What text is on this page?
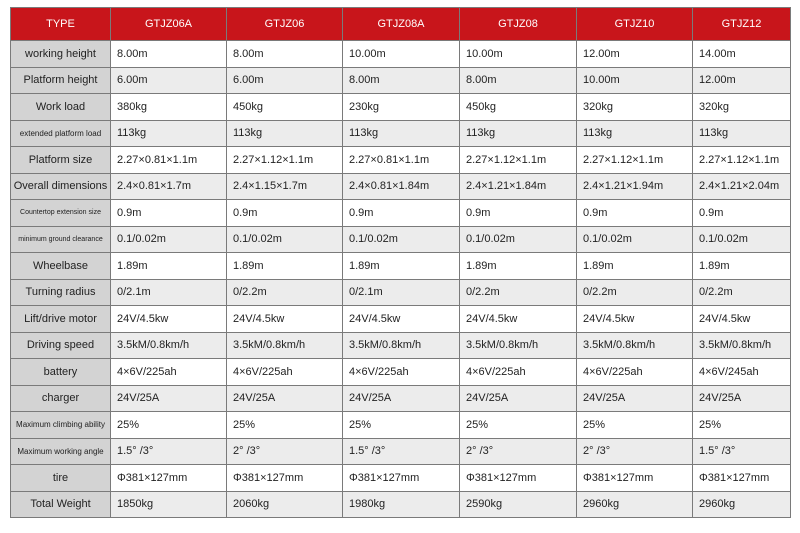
TYPE	GTJZ06A	GTJZ06	GTJZ08A	GTJZ08	GTJZ10	GTJZ12
working height	8.00m	8.00m	10.00m	10.00m	12.00m	14.00m
Platform height	6.00m	6.00m	8.00m	8.00m	10.00m	12.00m
Work load	380kg	450kg	230kg	450kg	320kg	320kg
extended platform load	113kg	113kg	113kg	113kg	113kg	113kg
Platform size	2.27×0.81×1.1m	2.27×1.12×1.1m	2.27×0.81×1.1m	2.27×1.12×1.1m	2.27×1.12×1.1m	2.27×1.12×1.1m
Overall dimensions	2.4×0.81×1.7m	2.4×1.15×1.7m	2.4×0.81×1.84m	2.4×1.21×1.84m	2.4×1.21×1.94m	2.4×1.21×2.04m
Countertop extension size	0.9m	0.9m	0.9m	0.9m	0.9m	0.9m
minimum ground clearance	0.1/0.02m	0.1/0.02m	0.1/0.02m	0.1/0.02m	0.1/0.02m	0.1/0.02m
Wheelbase	1.89m	1.89m	1.89m	1.89m	1.89m	1.89m
Turning radius	0/2.1m	0/2.2m	0/2.1m	0/2.2m	0/2.2m	0/2.2m
Lift/drive motor	24V/4.5kw	24V/4.5kw	24V/4.5kw	24V/4.5kw	24V/4.5kw	24V/4.5kw
Driving speed	3.5kM/0.8km/h	3.5kM/0.8km/h	3.5kM/0.8km/h	3.5kM/0.8km/h	3.5kM/0.8km/h	3.5kM/0.8km/h
battery	4×6V/225ah	4×6V/225ah	4×6V/225ah	4×6V/225ah	4×6V/225ah	4×6V/245ah
charger	24V/25A	24V/25A	24V/25A	24V/25A	24V/25A	24V/25A
Maximum climbing ability	25%	25%	25%	25%	25%	25%
Maximum working angle	1.5° /3°	2° /3°	1.5° /3°	2° /3°	2° /3°	1.5° /3°
tire	Φ381×127mm	Φ381×127mm	Φ381×127mm	Φ381×127mm	Φ381×127mm	Φ381×127mm
Total Weight	1850kg	2060kg	1980kg	2590kg	2960kg	2960kg
